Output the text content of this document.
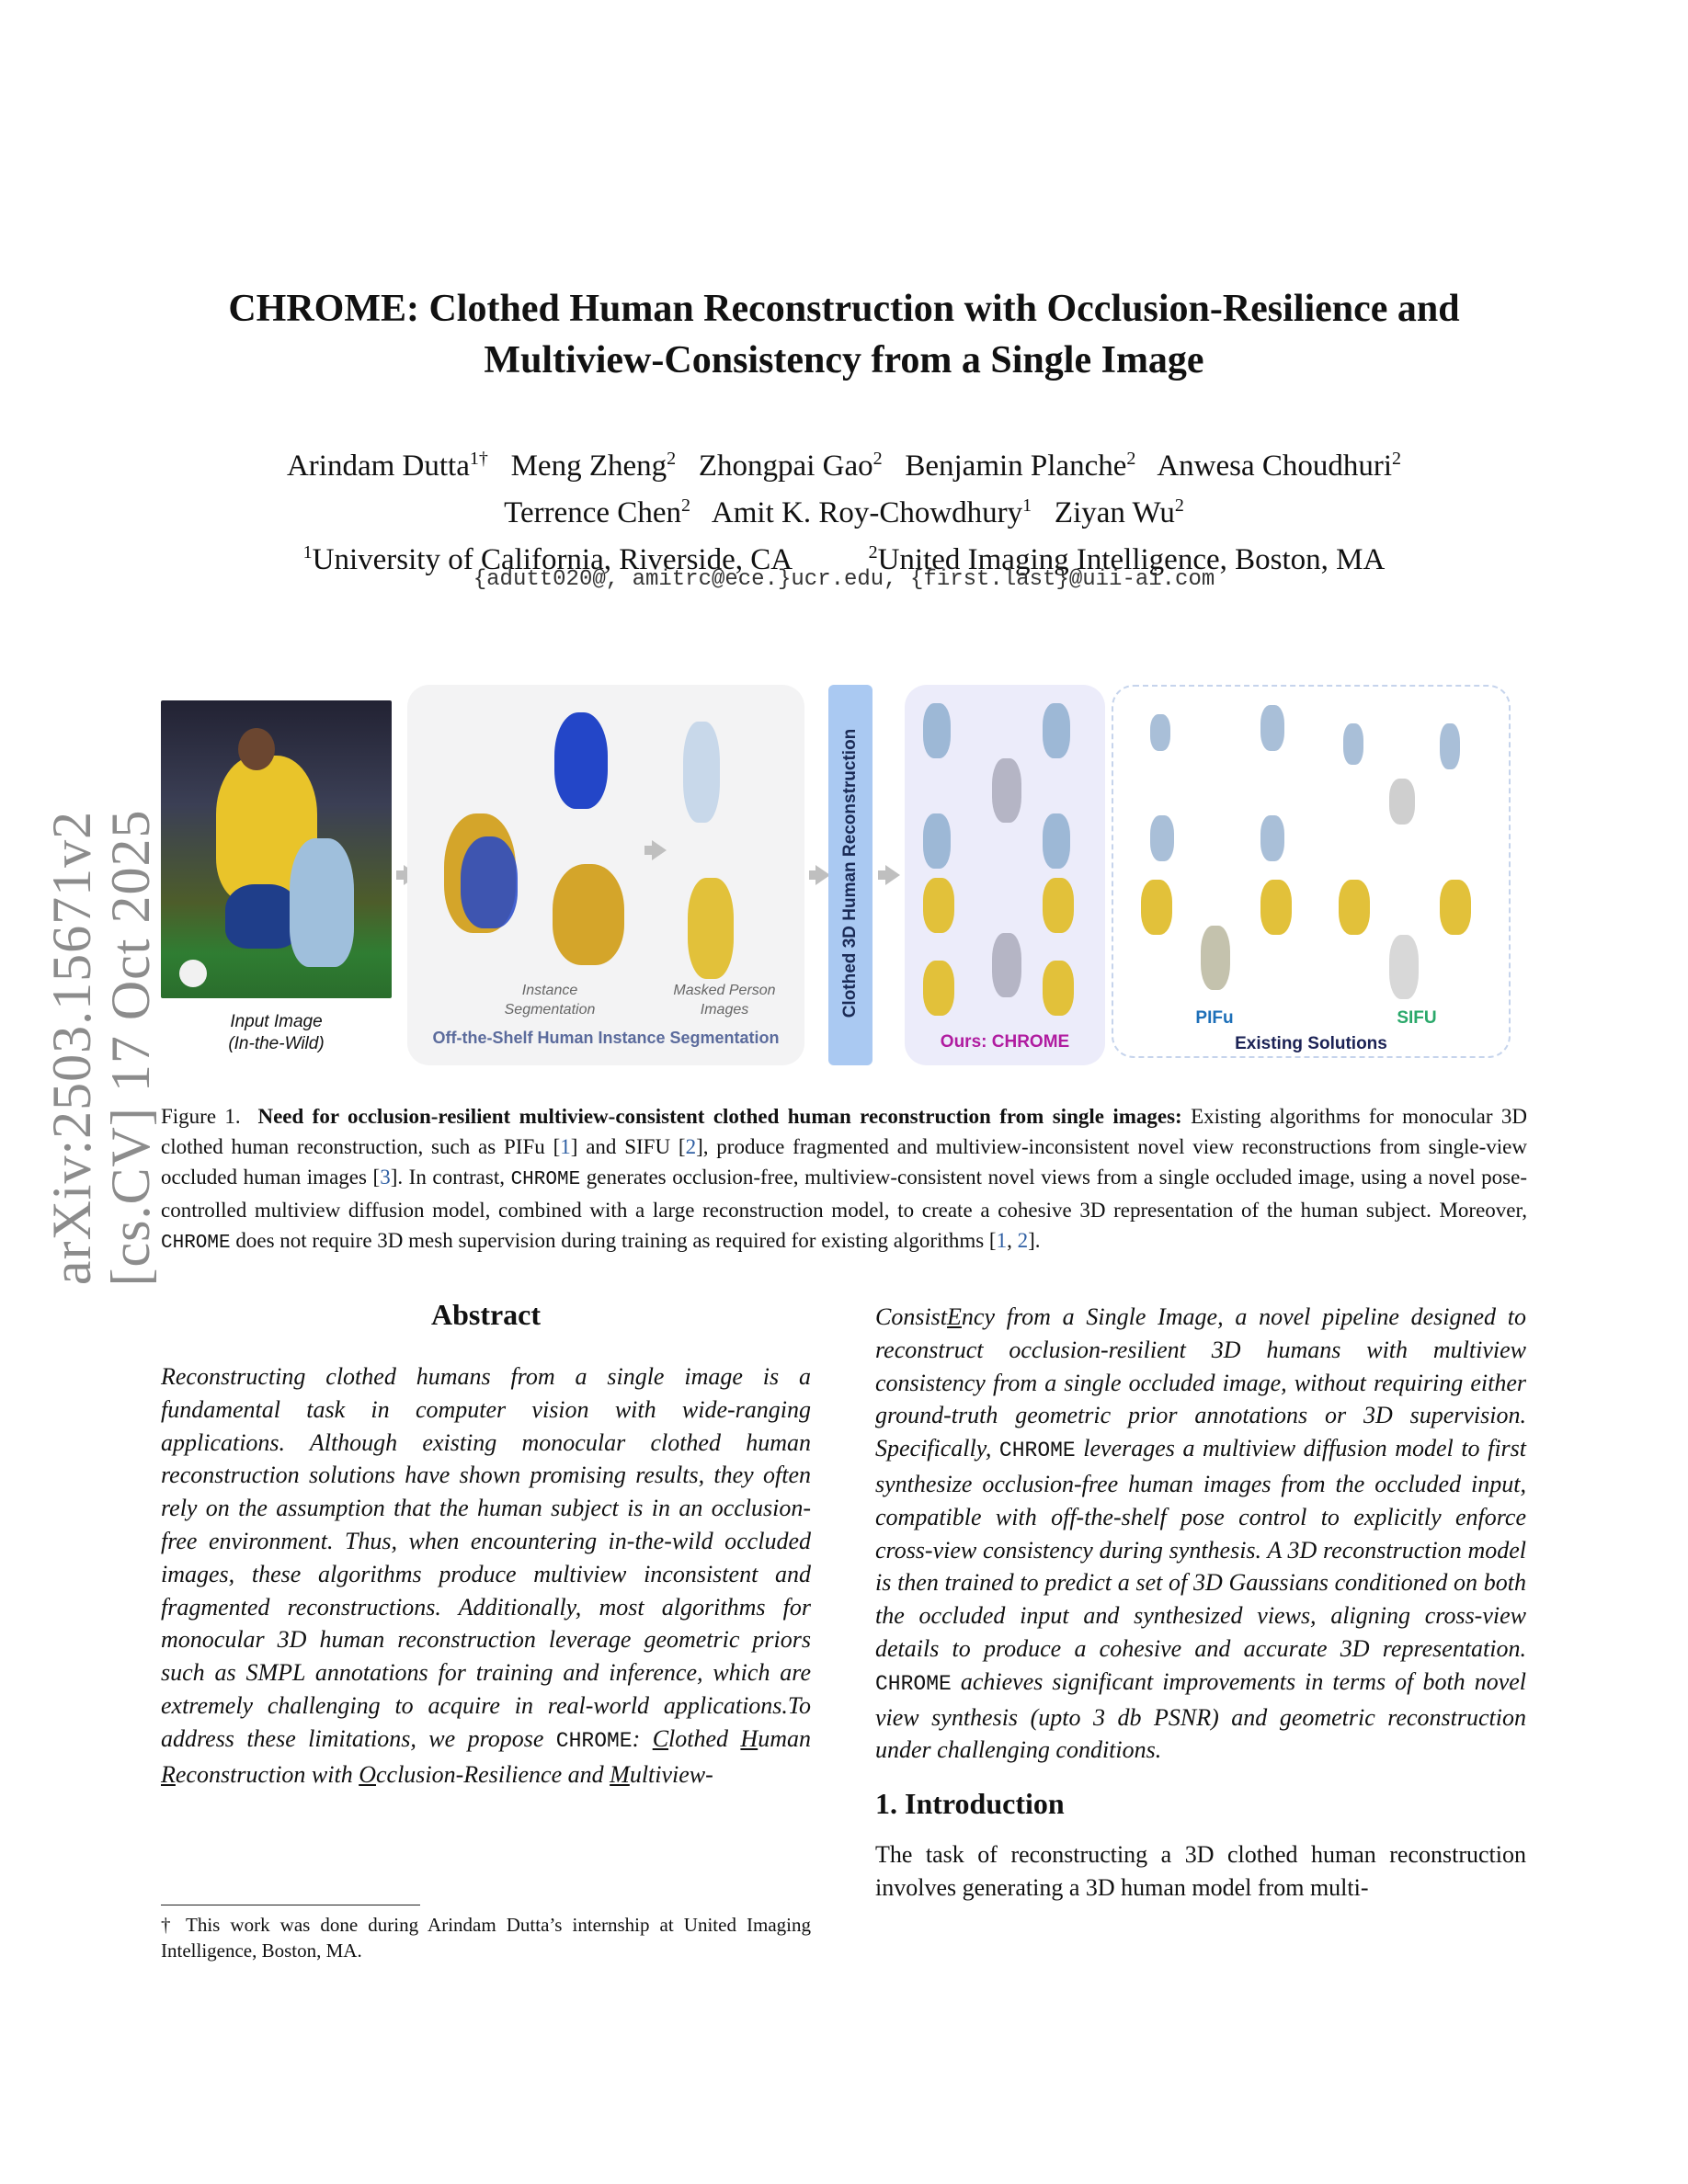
arXiv:2503.15671v2 [cs.CV] 17 Oct 2025
CHROME: Clothed Human Reconstruction with Occlusion-Resilience and
Multiview-Consistency from a Single Image
Arindam Dutta$^{1\dagger}$ Meng Zheng$^2$ Zhongpai Gao$^2$ Benjamin Planche$^2$ Anwesa Choudhuri$^2$
Terrence Chen$^2$ Amit K. Roy-Chowdhury$^1$ Ziyan Wu$^2$
$^1$University of California, Riverside, CA	$^2$United Imaging Intelligence, Boston, MA
{adutt020@, amitrc@ece.}ucr.edu, {first.last}@uii-ai.com
Input Image
(In-the-Wild)
Instance
Segmentation
Masked Person
Images
Off-the-Shelf Human Instance Segmentation
Clothed 3D Human Reconstruction
Ours: CHROME
PIFu	SIFU
Existing Solutions
Figure 1. Need for occlusion-resilient multiview-consistent clothed human reconstruction from single images: Existing algorithms for monocular 3D clothed human reconstruction, such as PIFu [1] and SIFU [2], produce fragmented and multiview-inconsistent novel view reconstructions from single-view occluded human images [3]. In contrast, CHROME generates occlusion-free, multiview-consistent novel views from a single occluded image, using a novel pose-controlled multiview diffusion model, combined with a large reconstruction model, to create a cohesive 3D representation of the human subject. Moreover, CHROME does not require 3D mesh supervision during training as required for existing algorithms [1, 2].
Abstract
Reconstructing clothed humans from a single image is a fundamental task in computer vision with wide-ranging applications. Although existing monocular clothed human reconstruction solutions have shown promising results, they often rely on the assumption that the human subject is in an occlusion-free environment. Thus, when encountering in-the-wild occluded images, these algorithms produce multiview inconsistent and fragmented reconstructions. Additionally, most algorithms for monocular 3D human reconstruction leverage geometric priors such as SMPL annotations for training and inference, which are extremely challenging to acquire in real-world applications.To address these limitations, we propose CHROME: Clothed Human Reconstruction with Occlusion-Resilience and Multiview-
† This work was done during Arindam Dutta’s internship at United Imaging Intelligence, Boston, MA.
ConsistEncy from a Single Image, a novel pipeline designed to reconstruct occlusion-resilient 3D humans with multiview consistency from a single occluded image, without requiring either ground-truth geometric prior annotations or 3D supervision. Specifically, CHROME leverages a multiview diffusion model to first synthesize occlusion-free human images from the occluded input, compatible with off-the-shelf pose control to explicitly enforce cross-view consistency during synthesis. A 3D reconstruction model is then trained to predict a set of 3D Gaussians conditioned on both the occluded input and synthesized views, aligning cross-view details to produce a cohesive and accurate 3D representation. CHROME achieves significant improvements in terms of both novel view synthesis (upto 3 db PSNR) and geometric reconstruction under challenging conditions.
1. Introduction
The task of reconstructing a 3D clothed human reconstruction involves generating a 3D human model from multi-
